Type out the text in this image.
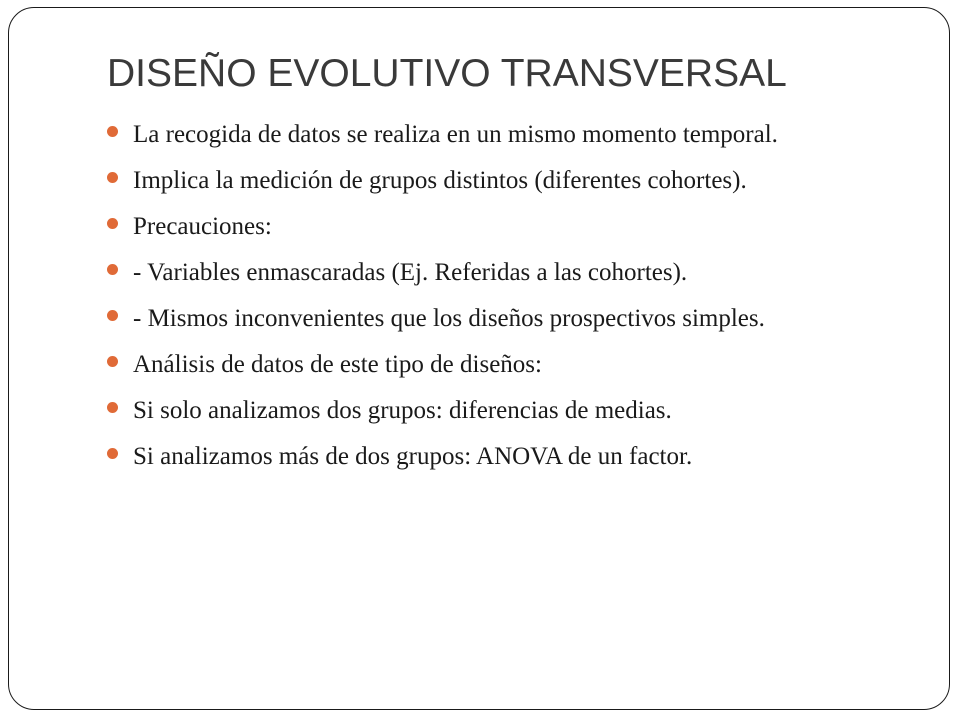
DISEÑO EVOLUTIVO TRANSVERSAL
La recogida de datos se realiza en un mismo momento temporal.
Implica la medición de grupos distintos (diferentes cohortes).
Precauciones:
- Variables enmascaradas (Ej. Referidas a las cohortes).
- Mismos inconvenientes que los diseños prospectivos simples.
Análisis de datos de este tipo de diseños:
Si solo analizamos dos grupos: diferencias de medias.
Si analizamos más de dos grupos: ANOVA de un factor.
